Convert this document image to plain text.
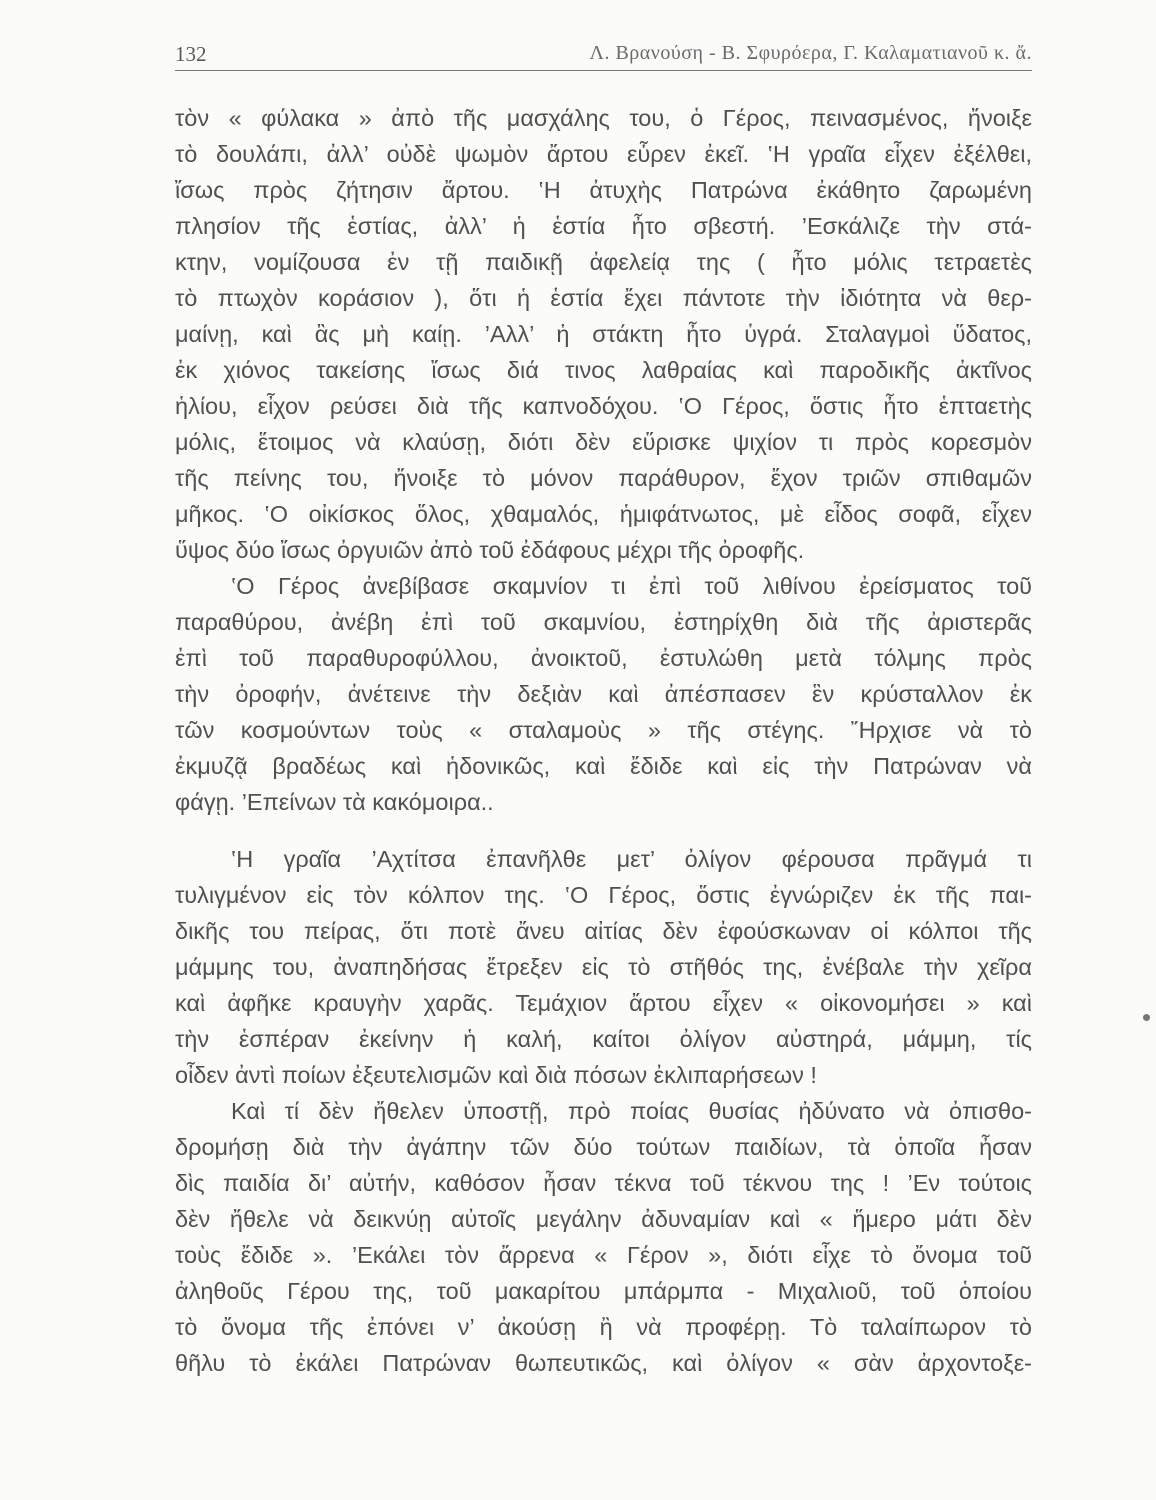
132	Λ. Βρανούση - Β. Σφυρόερα, Γ. Καλαματιανοῦ κ. ἄ.
τὸν « φύλακα » ἀπὸ τῆς μασχάλης του, ὁ Γέρος, πεινασμένος, ἤνοιξε
τὸ δουλάπι, ἀλλ’ οὐδὲ ψωμὸν ἄρτου εὗρεν ἐκεῖ. ‛Η γραῖα εἶχεν ἐξέλθει,
ἴσως πρὸς ζήτησιν ἄρτου. ‛Η ἀτυχὴς Πατρώνα ἐκάθητο ζαρωμένη
πλησίον τῆς ἑστίας, ἀλλ’ ἡ ἑστία ἦτο σβεστή. ’Εσκάλιζε τὴν στά-
κτην, νομίζουσα ἐν τῇ παιδικῇ ἀφελείᾳ της ( ἦτο μόλις τετραετὲς
τὸ πτωχὸν κοράσιον ), ὅτι ἡ ἑστία ἔχει πάντοτε τὴν ἰδιότητα νὰ θερ-
μαίνῃ, καὶ ἂς μὴ καίῃ. ’Αλλ’ ἡ στάκτη ἦτο ὑγρά. Σταλαγμοὶ ὕδατος,
ἐκ χιόνος τακείσης ἴσως διά τινος λαθραίας καὶ παροδικῆς ἀκτῖνος
ἡλίου, εἶχον ρεύσει διὰ τῆς καπνοδόχου. ‛Ο Γέρος, ὅστις ἦτο ἑπταετὴς
μόλις, ἕτοιμος νὰ κλαύσῃ, διότι δὲν εὕρισκε ψιχίον τι πρὸς κορεσμὸν
τῆς πείνης του, ἤνοιξε τὸ μόνον παράθυρον, ἔχον τριῶν σπιθαμῶν
μῆκος. ‛Ο οἰκίσκος ὅλος, χθαμαλός, ἡμιφάτνωτος, μὲ εἶδος σοφᾶ, εἶχεν
ὕψος δύο ἴσως ὀργυιῶν ἀπὸ τοῦ ἐδάφους μέχρι τῆς ὀροφῆς.
‛Ο Γέρος ἀνεβίβασε σκαμνίον τι ἐπὶ τοῦ λιθίνου ἐρείσματος τοῦ
παραθύρου, ἀνέβη ἐπὶ τοῦ σκαμνίου, ἐστηρίχθη διὰ τῆς ἀριστερᾶς
ἐπὶ τοῦ παραθυροφύλλου, ἀνοικτοῦ, ἐστυλώθη μετὰ τόλμης πρὸς
τὴν ὀροφήν, ἀνέτεινε τὴν δεξιὰν καὶ ἀπέσπασεν ἓν κρύσταλλον ἐκ
τῶν κοσμούντων τοὺς « σταλαμοὺς » τῆς στέγης. ῎Ηρχισε νὰ τὸ
ἐκμυζᾷ βραδέως καὶ ἡδονικῶς, καὶ ἔδιδε καὶ εἰς τὴν Πατρώναν νὰ
φάγῃ. ’Επείνων τὰ κακόμοιρα..
‛Η γραῖα ’Αχτίτσα ἐπανῆλθε μετ’ ὀλίγον φέρουσα πρᾶγμά τι
τυλιγμένον εἰς τὸν κόλπον της. ‛Ο Γέρος, ὅστις ἐγνώριζεν ἐκ τῆς παι-
δικῆς του πείρας, ὅτι ποτὲ ἄνευ αἰτίας δὲν ἐφούσκωναν οἱ κόλποι τῆς
μάμμης του, ἀναπηδήσας ἔτρεξεν εἰς τὸ στῆθός της, ἐνέβαλε τὴν χεῖρα
καὶ ἀφῆκε κραυγὴν χαρᾶς. Τεμάχιον ἄρτου εἶχεν « οἰκονομήσει » καὶ
τὴν ἑσπέραν ἐκείνην ἡ καλή, καίτοι ὀλίγον αὐστηρά, μάμμη, τίς
οἶδεν ἀντὶ ποίων ἐξευτελισμῶν καὶ διὰ πόσων ἐκλιπαρήσεων !
Καὶ τί δὲν ἤθελεν ὑποστῇ, πρὸ ποίας θυσίας ἠδύνατο νὰ ὀπισθο-
δρομήσῃ διὰ τὴν ἀγάπην τῶν δύο τούτων παιδίων, τὰ ὁποῖα ἦσαν
δὶς παιδία δι’ αὐτήν, καθόσον ἦσαν τέκνα τοῦ τέκνου της ! ’Εν τούτοις
δὲν ἤθελε νὰ δεικνύῃ αὐτοῖς μεγάλην ἀδυναμίαν καὶ « ἥμερο μάτι δὲν
τοὺς ἔδιδε ». ’Εκάλει τὸν ἄρρενα « Γέρον », διότι εἶχε τὸ ὄνομα τοῦ
ἀληθοῦς Γέρου της, τοῦ μακαρίτου μπάρμπα - Μιχαλιοῦ, τοῦ ὁποίου
τὸ ὄνομα τῆς ἐπόνει ν’ ἀκούσῃ ἢ νὰ προφέρῃ. Τὸ ταλαίπωρον τὸ
θῆλυ τὸ ἐκάλει Πατρώναν θωπευτικῶς, καὶ ὀλίγον « σὰν ἀρχοντοξε-
